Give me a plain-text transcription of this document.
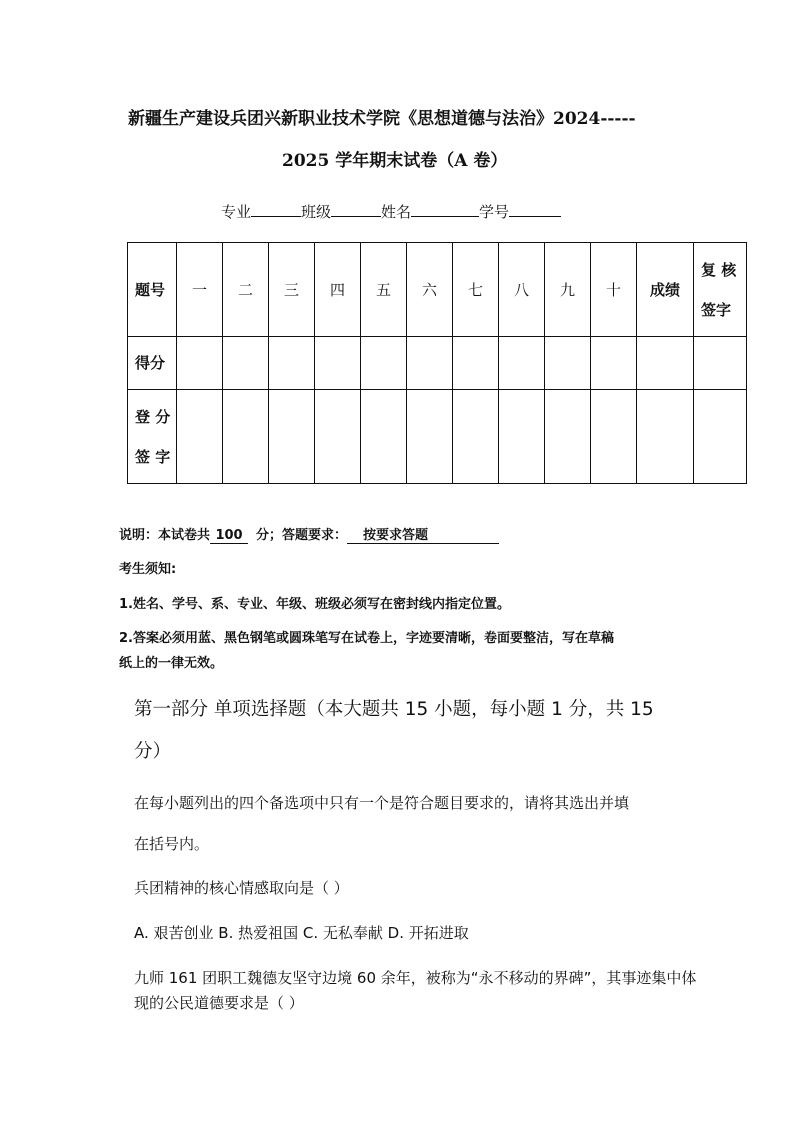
新疆生产建设兵团兴新职业技术学院《思想道德与法治》2024-----
2025 学年期末试卷（A 卷）
专业	班级	姓名	学号
题号	一	二	三	四	五	六	七	八	九	十	成绩	复 核
签字

得分												

登 分
签 字												

说明：本试卷共 100 分；答题要求： 按要求答题
考生须知:
1.姓名、学号、系、专业、年级、班级必须写在密封线内指定位置。
2.答案必须用蓝、黑色钢笔或圆珠笔写在试卷上，字迹要清晰，卷面要整洁，写在草稿
纸上的一律无效。
第一部分 单项选择题（本大题共 15 小题，每小题 1 分，共 15
分）
在每小题列出的四个备选项中只有一个是符合题目要求的，请将其选出并填
在括号内。
兵团精神的核心情感取向是（ ）
A. 艰苦创业 B. 热爱祖国 C. 无私奉献 D. 开拓进取
九师 161 团职工魏德友坚守边境 60 余年，被称为“永不移动的界碑”，其事迹集中体
现的公民道德要求是（ ）
